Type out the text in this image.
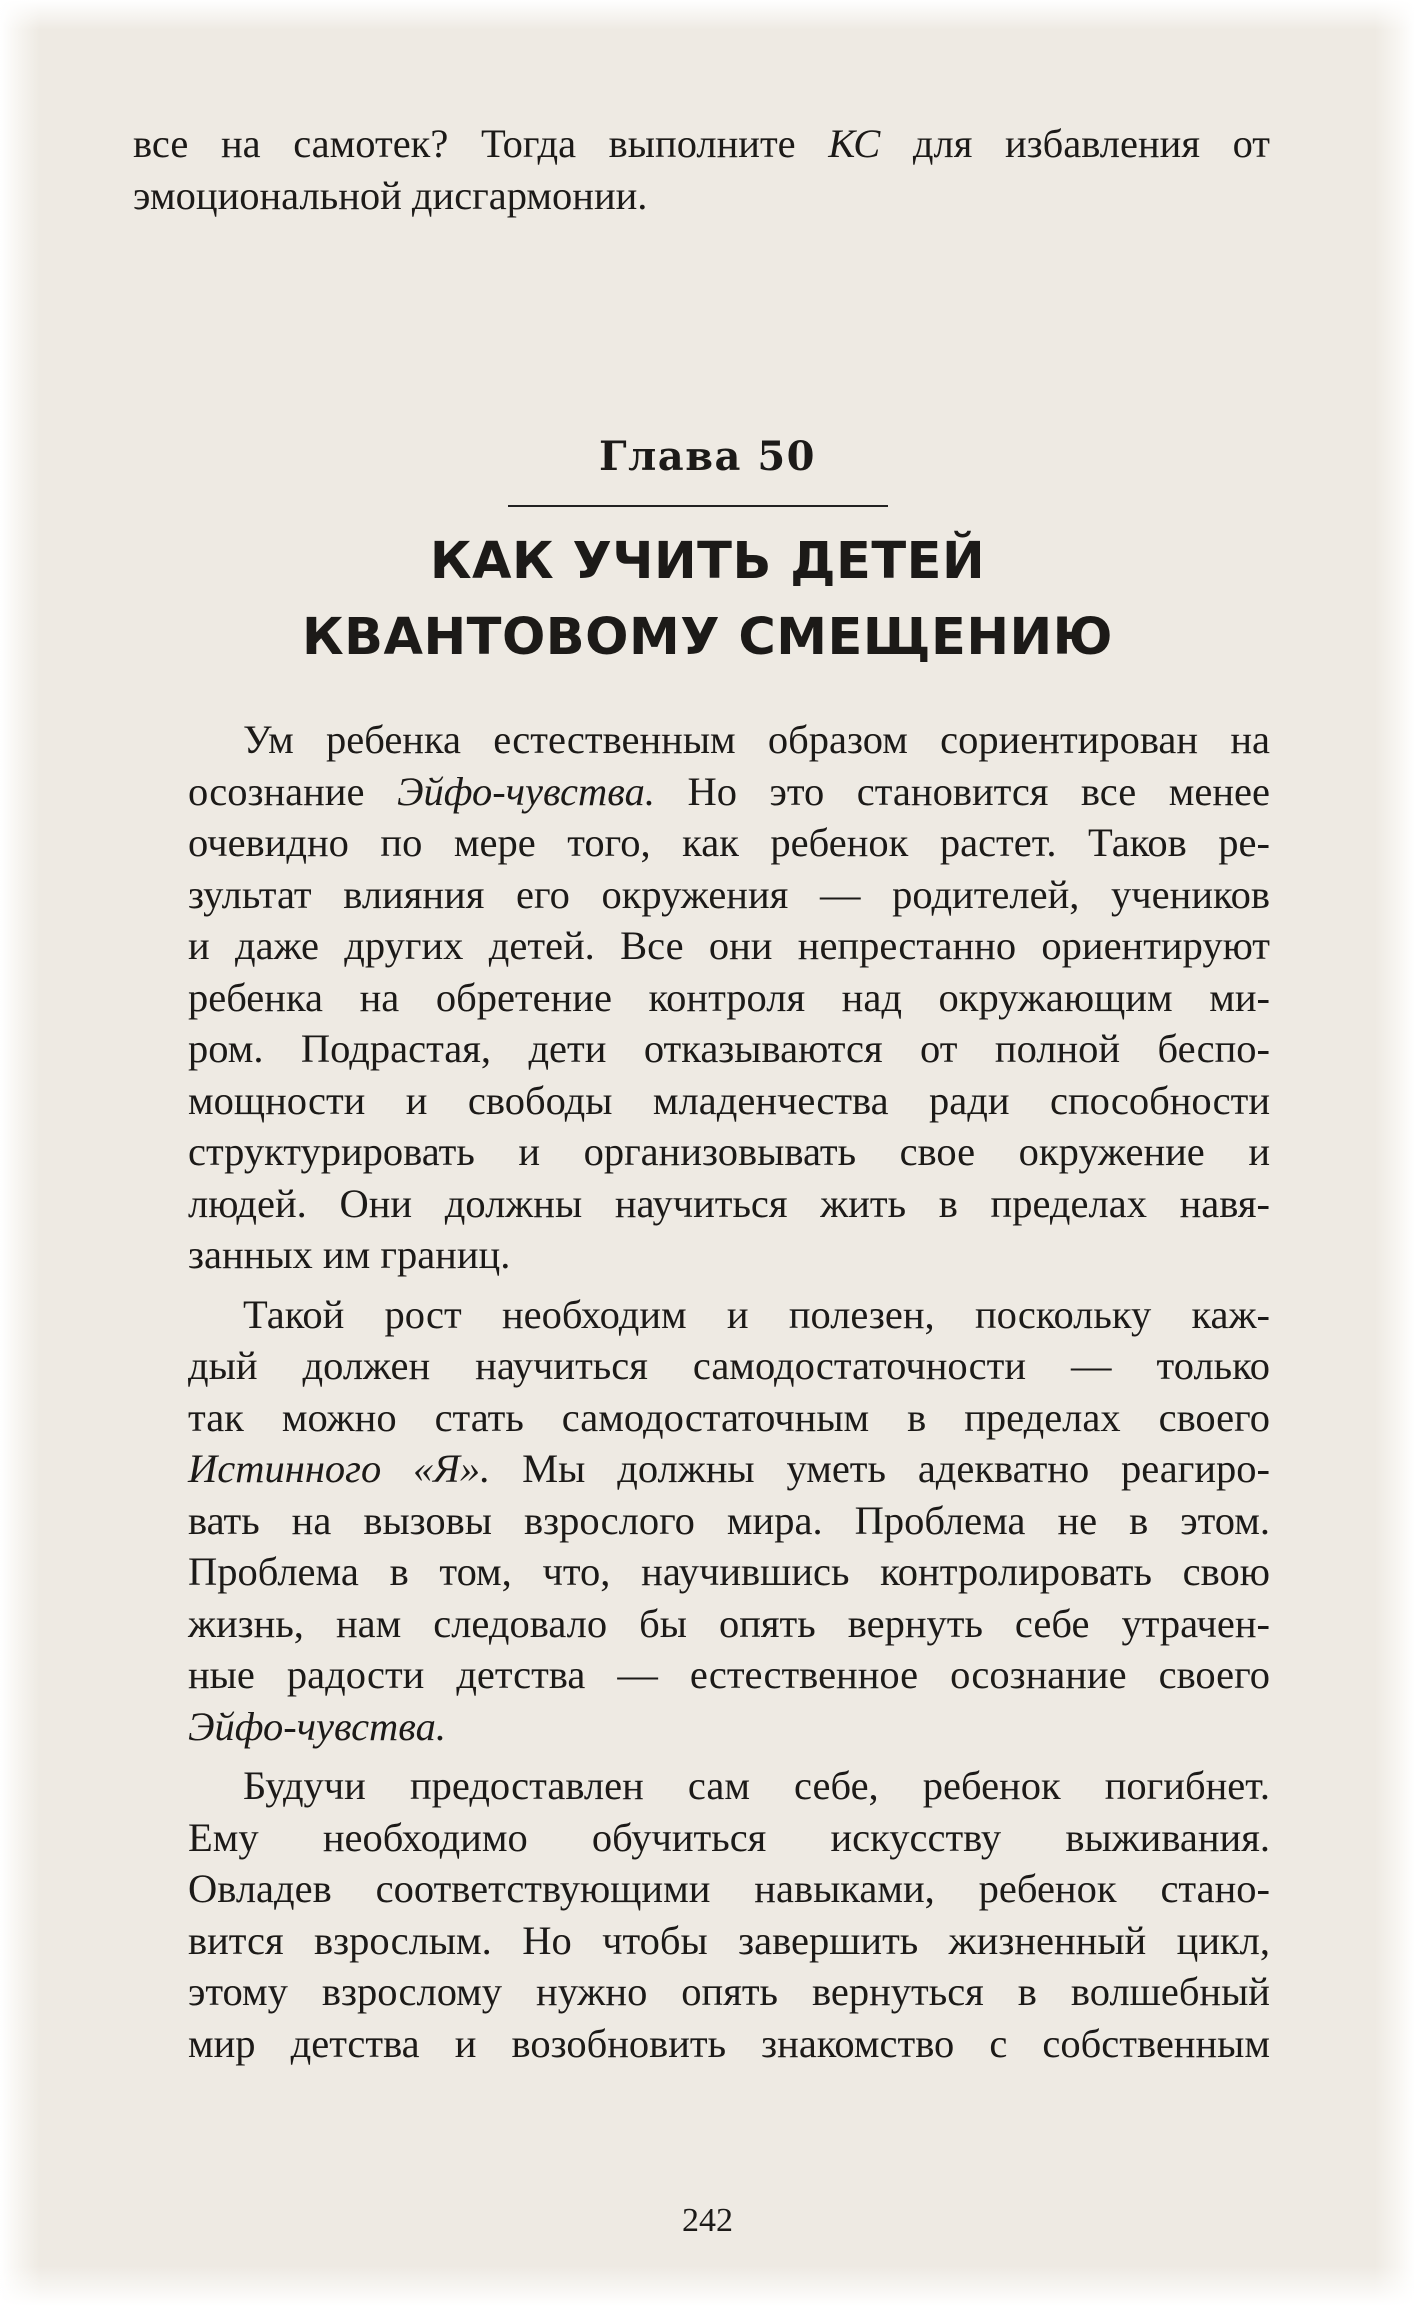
все на самотек? Тогда выполните КС для избавления от
эмоциональной дисгармонии.
Глава 50
КАК УЧИТЬ ДЕТЕЙ
КВАНТОВОМУ СМЕЩЕНИЮ

Ум ребенка естественным образом сориентирован на
осознание Эйфо-чувства. Но это становится все менее
очевидно по мере того, как ребенок растет. Таков ре-
зультат влияния его окружения — родителей, учеников
и даже других детей. Все они непрестанно ориентируют
ребенка на обретение контроля над окружающим ми-
ром. Подрастая, дети отказываются от полной беспо-
мощности и свободы младенчества ради способности
структурировать и организовывать свое окружение и
людей. Они должны научиться жить в пределах навя-
занных им границ.

Такой рост необходим и полезен, поскольку каж-
дый должен научиться самодостаточности — только
так можно стать самодостаточным в пределах своего
Истинного «Я». Мы должны уметь адекватно реагиро-
вать на вызовы взрослого мира. Проблема не в этом.
Проблема в том, что, научившись контролировать свою
жизнь, нам следовало бы опять вернуть себе утрачен-
ные радости детства — естественное осознание своего
Эйфо-чувства.

Будучи предоставлен сам себе, ребенок погибнет.
Ему необходимо обучиться искусству выживания.
Овладев соответствующими навыками, ребенок стано-
вится взрослым. Но чтобы завершить жизненный цикл,
этому взрослому нужно опять вернуться в волшебный
мир детства и возобновить знакомство с собственным

242
